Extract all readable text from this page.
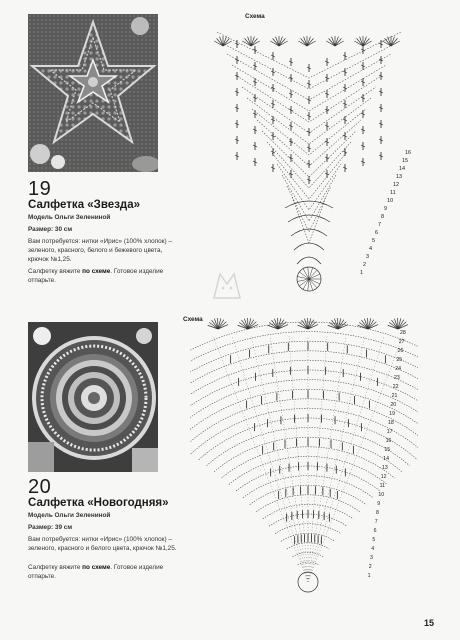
19
Салфетка «Звезда»
Модель Ольги Зелениной
Размер: 30 см
Вам потребуется: нитки «Ирис» (100% хлопок) – зеленого, красного, белого и бежевого цвета, крючок №1,25.
Салфетку вяжите по схеме. Готовое изделие отпарьте.
Схема
16
15
14
13
12
11
10
9
8
7
6
5
4
3
2
1
20
Салфетка «Новогодняя»
Модель Ольги Зелениной
Размер: 39 см
Вам потребуется: нитки «Ирис» (100% хлопок) – зеленого, красного и белого цвета, крючок №1,25.
Салфетку вяжите по схеме. Готовое изделие отпарьте.
Схема
28
27
26
25
24
23
22
21
20
19
18
17
16
15
14
13
12
11
10
9
8
7
6
5
4
3
2
1
15
